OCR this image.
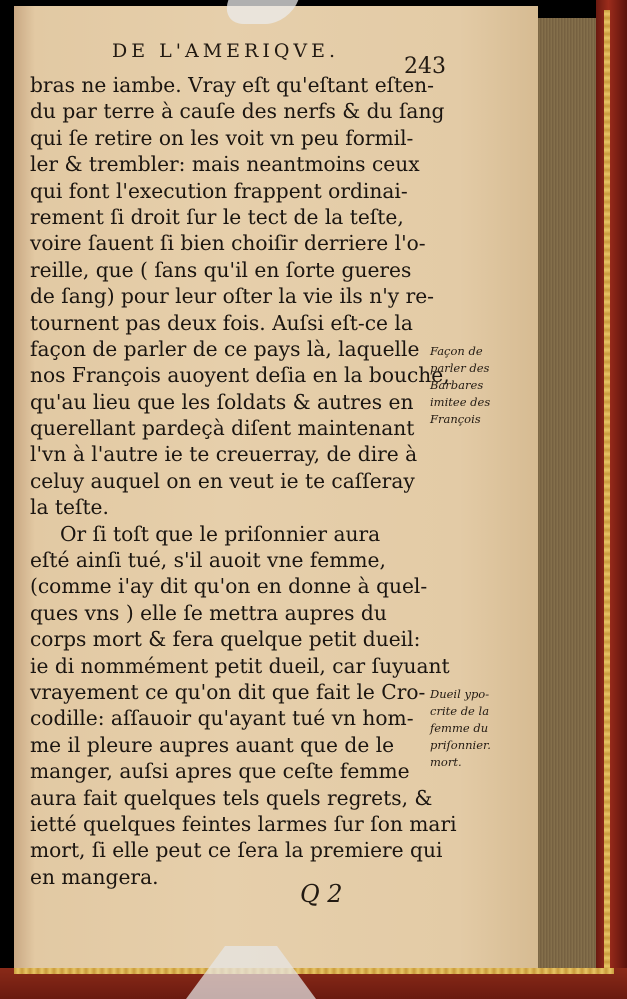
DE L'AMERIQVE.
243
bras ne iambe. Vray eſt qu'eſtant eſten-
du par terre à cauſe des nerfs & du ſang
qui ſe retire on les voit vn peu formil-
ler & trembler: mais neantmoins ceux
qui font l'execution frappent ordinai-
rement ſi droit ſur le tect de la teſte,
voire ſauent ſi bien choiſir derriere l'o-
reille, que ( ſans qu'il en ſorte gueres
de ſang) pour leur oſter la vie ils n'y re-
tournent pas deux fois. Auſsi eſt-ce la
façon de parler de ce pays là, laquelle
nos François auoyent deſia en la bouche,
qu'au lieu que les ſoldats & autres en
querellant pardeçà diſent maintenant
l'vn à l'autre ie te creuerray, de dire à
celuy auquel on en veut ie te caſſeray
la teſte.
Or ſi toſt que le priſonnier aura
eſté ainſi tué, s'il auoit vne femme,
(comme i'ay dit qu'on en donne à quel-
ques vns ) elle ſe mettra aupres du
corps mort & fera quelque petit dueil:
ie di nommément petit dueil, car ſuyuant
vrayement ce qu'on dit que fait le Cro-
codille: aſſauoir qu'ayant tué vn hom-
me il pleure aupres auant que de le
manger, auſsi apres que ceſte femme
aura fait quelques tels quels regrets, &
ietté quelques feintes larmes ſur ſon mari
mort, ſi elle peut ce ſera la premiere qui
en mangera.
Façon de
parler des
Barbares
imitee des
François
Dueil ypo-
crite de la
femme du
priſonnier.
mort.
Q 2
